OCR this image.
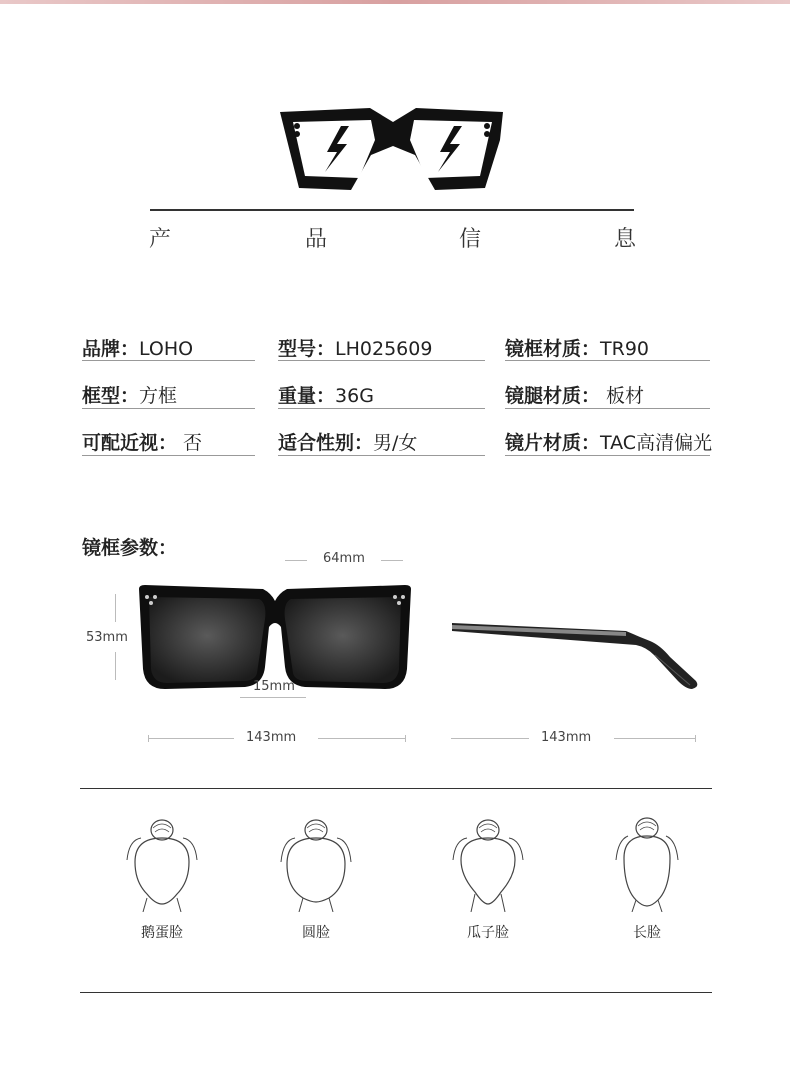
产	品	信	息
品牌：LOHO	型号：LH025609	镜框材质：TR90
框型：方框	重量：36G	镜腿材质： 板材
可配近视： 否	适合性别：男/女	镜片材质：TAC高清偏光
镜框参数：	64mm
53mm
15mm
143mm	143mm
鹅蛋脸	圆脸	瓜子脸	长脸
